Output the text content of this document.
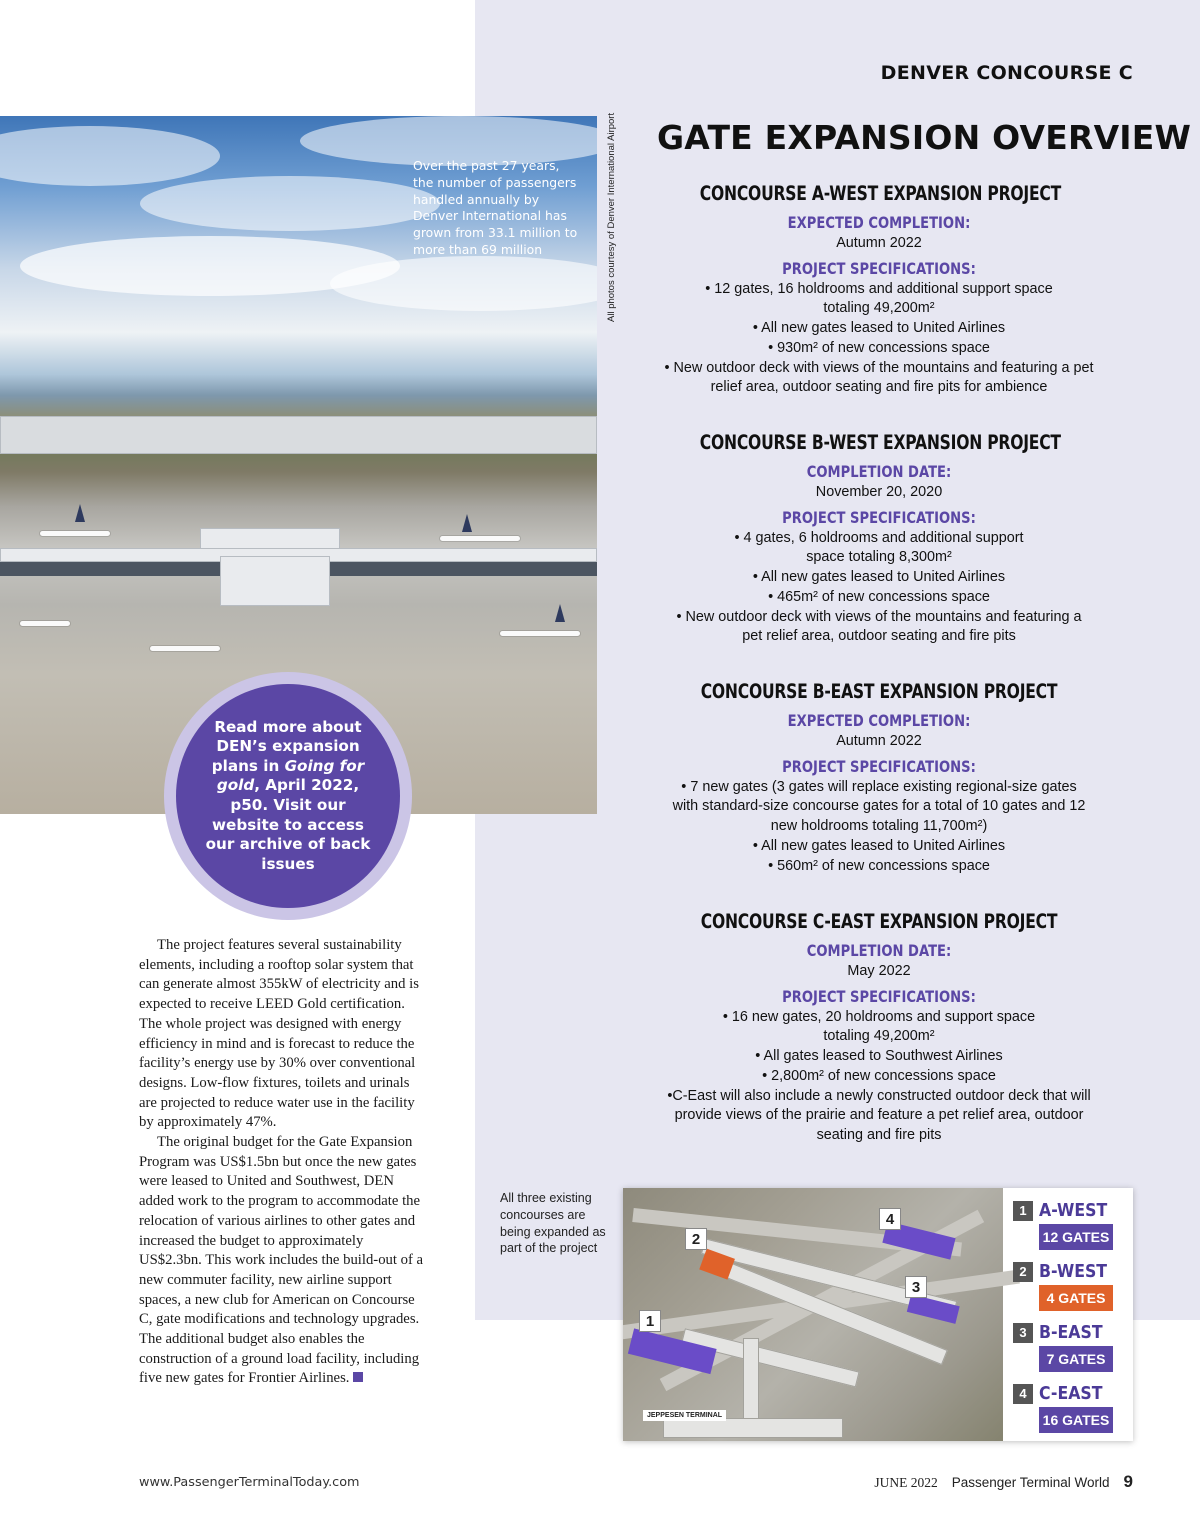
DENVER CONCOURSE C
Over the past 27 years, the number of passengers handled annually by Denver International has grown from 33.1 million to more than 69 million	All photos courtesy of Denver International Airport
Read more about DEN’s expansion plans in Going for gold, April 2022, p50. Visit our website to access our archive of back issues

The project features several sustainability elements, including a rooftop solar system that can generate almost 355kW of electricity and is expected to receive LEED Gold certification. The whole project was designed with energy efficiency in mind and is forecast to reduce the facility’s energy use by 30% over conventional designs. Low-flow fixtures, toilets and urinals are projected to reduce water use in the facility by approximately 47%.

The original budget for the Gate Expansion Program was US$1.5bn but once the new gates were leased to United and Southwest, DEN added work to the program to accommodate the relocation of various airlines to other gates and increased the budget to approximately US$2.3bn. This work includes the build-out of a new commuter facility, new airline support spaces, a new club for American on Concourse C, gate modifications and technology upgrades. The additional budget also enables the construction of a ground load facility, including five new gates for Frontier Airlines.

GATE EXPANSION OVERVIEW
CONCOURSE A-WEST EXPANSION PROJECT
EXPECTED COMPLETION:
Autumn 2022
PROJECT SPECIFICATIONS:
• 12 gates, 16 holdrooms and additional support space totaling 49,200m²
• All new gates leased to United Airlines
• 930m² of new concessions space
• New outdoor deck with views of the mountains and featuring a pet relief area, outdoor seating and fire pits for ambience
CONCOURSE B-WEST EXPANSION PROJECT
COMPLETION DATE:
November 20, 2020
PROJECT SPECIFICATIONS:
• 4 gates, 6 holdrooms and additional support space totaling 8,300m²
• All new gates leased to United Airlines
• 465m² of new concessions space
• New outdoor deck with views of the mountains and featuring a pet relief area, outdoor seating and fire pits
CONCOURSE B-EAST EXPANSION PROJECT
EXPECTED COMPLETION:
Autumn 2022
PROJECT SPECIFICATIONS:
• 7 new gates (3 gates will replace existing regional-size gates with standard-size concourse gates for a total of 10 gates and 12 new holdrooms totaling 11,700m²)
• All new gates leased to United Airlines
• 560m² of new concessions space
CONCOURSE C-EAST EXPANSION PROJECT
COMPLETION DATE:
May 2022
PROJECT SPECIFICATIONS:
• 16 new gates, 20 holdrooms and support space totaling 49,200m²
• All gates leased to Southwest Airlines
• 2,800m² of new concessions space
•C-East will also include a newly constructed outdoor deck that will provide views of the prairie and feature a pet relief area, outdoor seating and fire pits
All three existing concourses are being expanded as part of the project
4
2
3
1
JEPPESEN TERMINAL
1 A-WEST
12 GATES
2 B-WEST
4 GATES
3 B-EAST
7 GATES
4 C-EAST
16 GATES
www.PassengerTerminalToday.com	JUNE 2022 Passenger Terminal World 9
